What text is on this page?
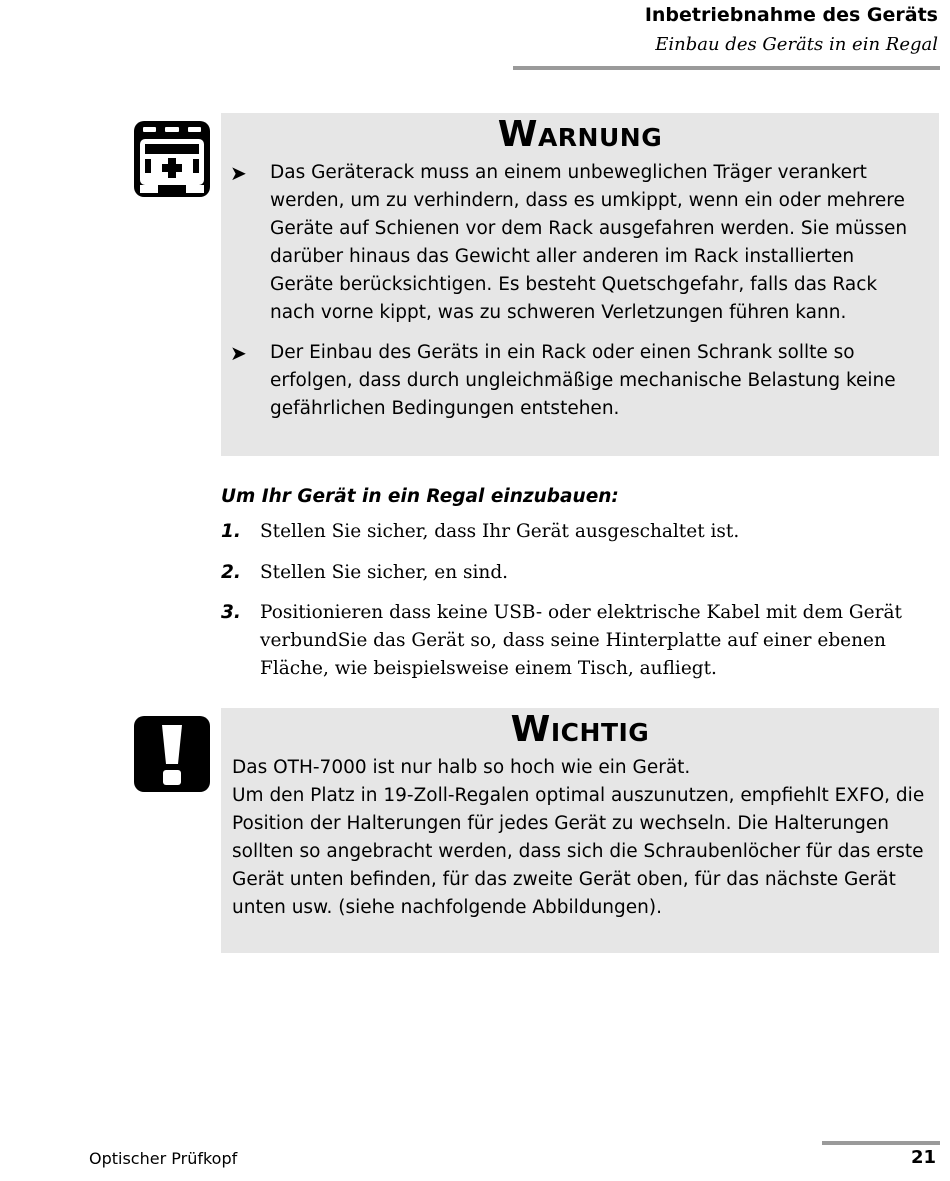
Inbetriebnahme des Geräts
Einbau des Geräts in ein Regal
Warnung
➤ Das Geräterack muss an einem unbeweglichen Träger verankert werden, um zu verhindern, dass es umkippt, wenn ein oder mehrere Geräte auf Schienen vor dem Rack ausgefahren werden. Sie müssen darüber hinaus das Gewicht aller anderen im Rack installierten Geräte berücksichtigen. Es besteht Quetschgefahr, falls das Rack nach vorne kippt, was zu schweren Verletzungen führen kann.
➤ Der Einbau des Geräts in ein Rack oder einen Schrank sollte so erfolgen, dass durch ungleichmäßige mechanische Belastung keine gefährlichen Bedingungen entstehen.
Um Ihr Gerät in ein Regal einzubauen:
1. Stellen Sie sicher, dass Ihr Gerät ausgeschaltet ist.
2. Stellen Sie sicher, en sind.
3. Positionieren dass keine USB- oder elektrische Kabel mit dem Gerät verbundSie das Gerät so, dass seine Hinterplatte auf einer ebenen Fläche, wie beispielsweise einem Tisch, aufliegt.
Wichtig
Das OTH-7000 ist nur halb so hoch wie ein Gerät.
Um den Platz in 19-Zoll-Regalen optimal auszunutzen, empfiehlt EXFO, die Position der Halterungen für jedes Gerät zu wechseln. Die Halterungen sollten so angebracht werden, dass sich die Schraubenlöcher für das erste Gerät unten befinden, für das zweite Gerät oben, für das nächste Gerät unten usw. (siehe nachfolgende Abbildungen).
Optischer Prüfkopf	21
